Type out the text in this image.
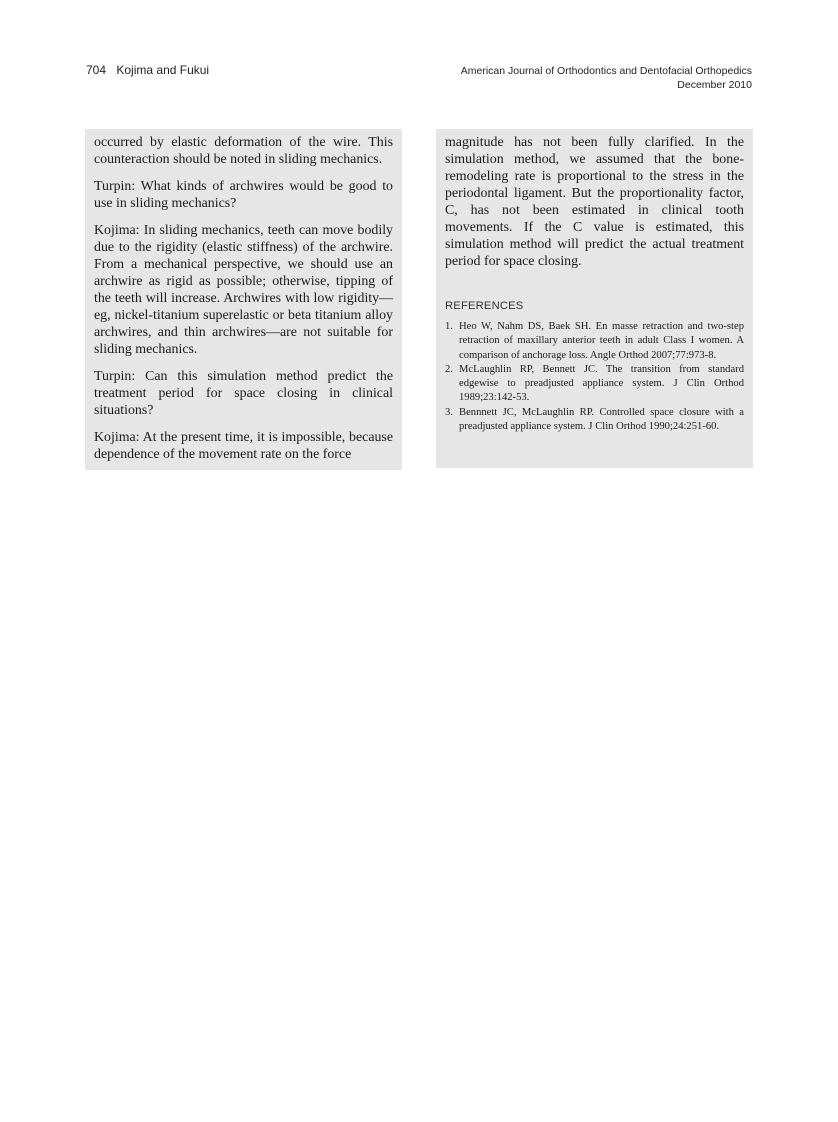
704 Kojima and Fukui	American Journal of Orthodontics and Dentofacial Orthopedics
December 2010

occurred by elastic deformation of the wire. This counteraction should be noted in sliding mechanics.

Turpin: What kinds of archwires would be good to use in sliding mechanics?

Kojima: In sliding mechanics, teeth can move bodily due to the rigidity (elastic stiffness) of the archwire. From a mechanical perspective, we should use an archwire as rigid as possible; otherwise, tipping of the teeth will increase. Archwires with low rigidity—eg, nickel-titanium superelastic or beta titanium alloy archwires, and thin archwires—are not suitable for sliding mechanics.

Turpin: Can this simulation method predict the treatment period for space closing in clinical situations?

Kojima: At the present time, it is impossible, because dependence of the movement rate on the force

magnitude has not been fully clarified. In the simulation method, we assumed that the bone-remodeling rate is proportional to the stress in the periodontal ligament. But the proportionality factor, C, has not been estimated in clinical tooth movements. If the C value is estimated, this simulation method will predict the actual treatment period for space closing.

REFERENCES
1. Heo W, Nahm DS, Baek SH. En masse retraction and two-step retraction of maxillary anterior teeth in adult Class I women. A comparison of anchorage loss. Angle Orthod 2007;77:973-8.
2. McLaughlin RP, Bennett JC. The transition from standard edgewise to preadjusted appliance system. J Clin Orthod 1989;23:142-53.
3. Bennnett JC, McLaughlin RP. Controlled space closure with a preadjusted appliance system. J Clin Orthod 1990;24:251-60.
